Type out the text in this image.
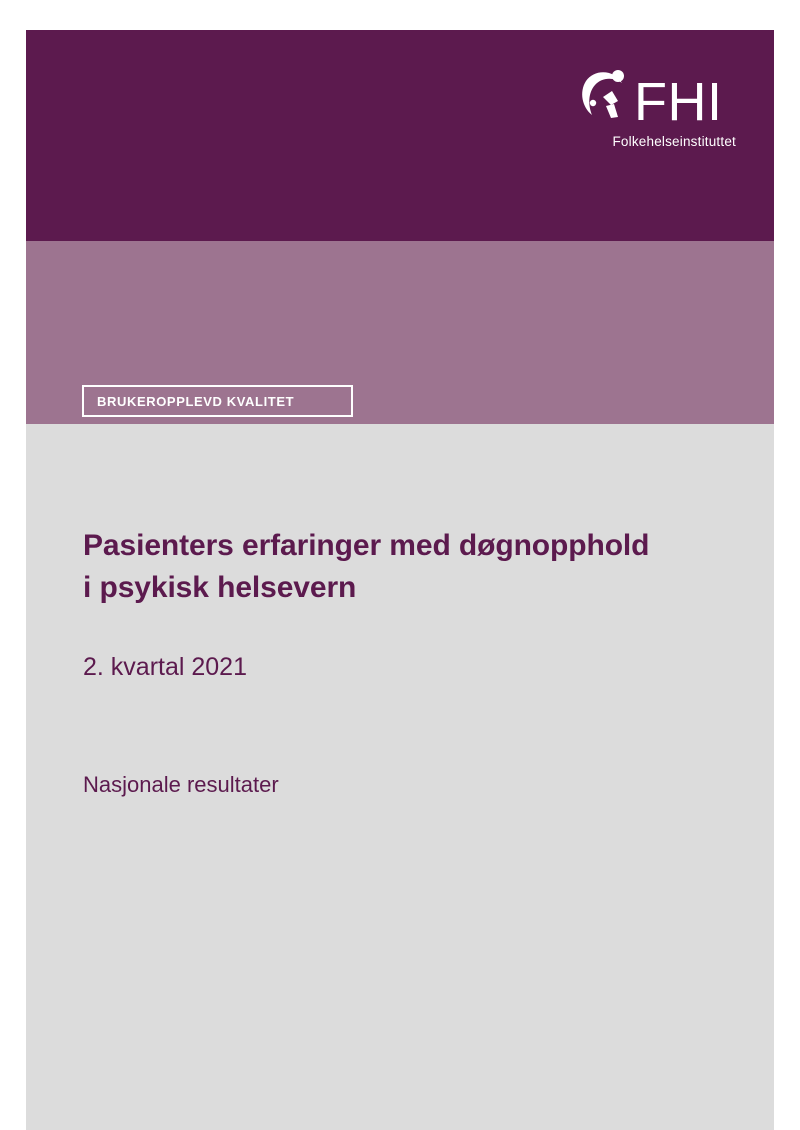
FHI
Folkehelseinstituttet
BRUKEROPPLEVD KVALITET
Pasienters erfaringer med døgnopphold
i psykisk helsevern
2. kvartal 2021
Nasjonale resultater
